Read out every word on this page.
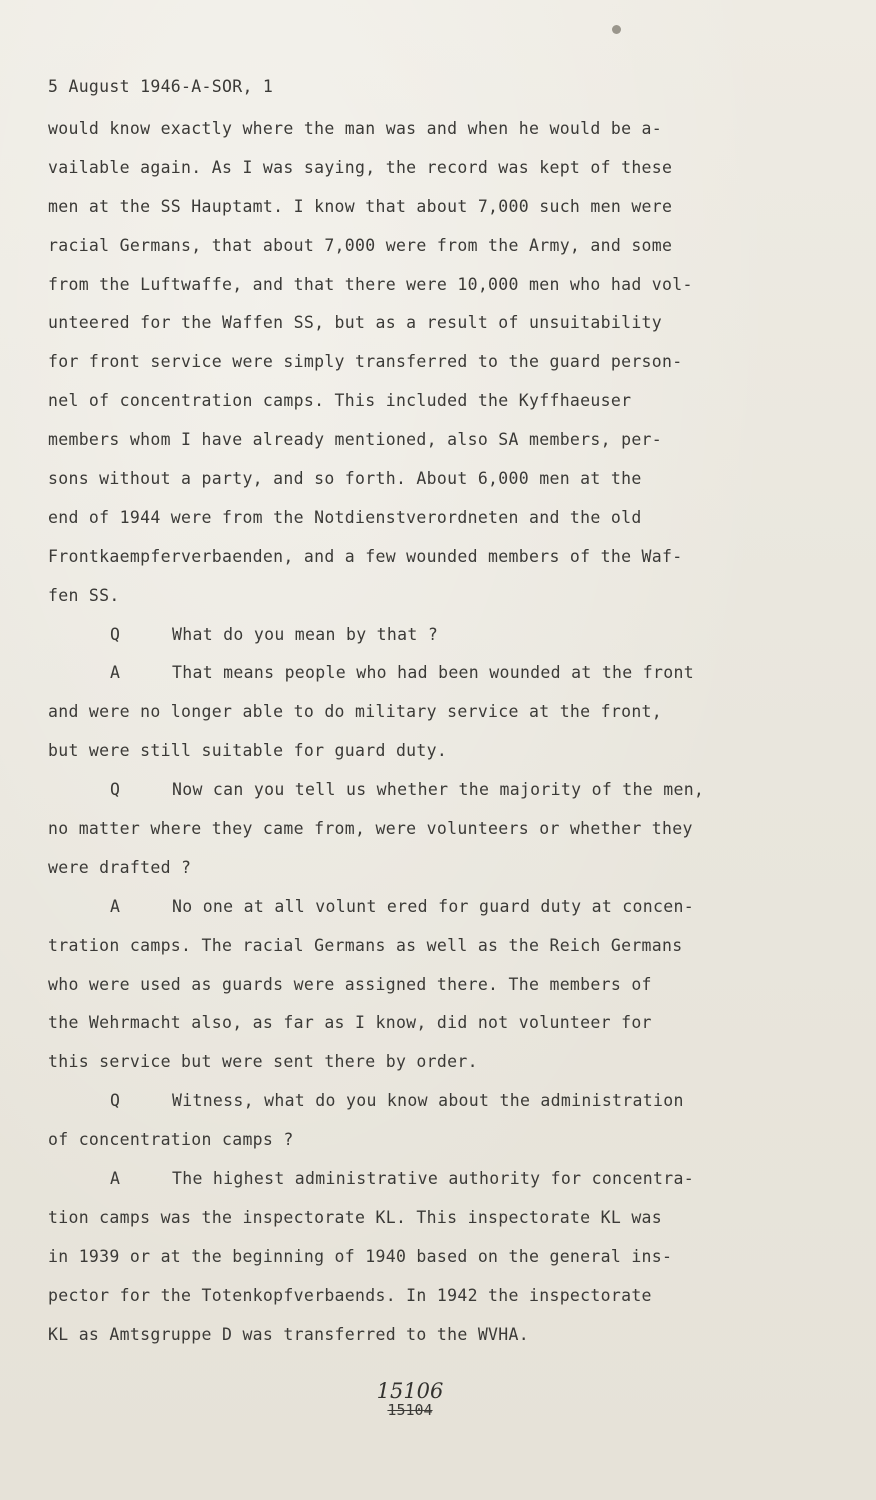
5 August 1946-A-SOR, 1
would know exactly where the man was and when he would be a-
vailable again. As I was saying, the record was kept of these
men at the SS Hauptamt. I know that about 7,000 such men were
racial Germans, that about 7,000 were from the Army, and some
from the Luftwaffe, and that there were 10,000 men who had vol-
unteered for the Waffen SS, but as a result of unsuitability
for front service were simply transferred to the guard person-
nel of concentration camps. This included the Kyffhaeuser
members whom I have already mentioned, also SA members, per-
sons without a party, and so forth. About 6,000 men at the
end of 1944 were from the Notdienstverordneten and the old
Frontkaempferverbaenden, and a few wounded members of the Waf-
fen SS.
Q	What do you mean by that ?
A	That means people who had been wounded at the front
and were no longer able to do military service at the front,
but were still suitable for guard duty.
Q	Now can you tell us whether the majority of the men,
no matter where they came from, were volunteers or whether they
were drafted ?
A	No one at all volunt ered for guard duty at concen-
tration camps. The racial Germans as well as the Reich Germans
who were used as guards were assigned there. The members of
the Wehrmacht also, as far as I know, did not volunteer for
this service but were sent there by order.
Q	Witness, what do you know about the administration
of concentration camps ?
A	The highest administrative authority for concentra-
tion camps was the inspectorate KL. This inspectorate KL was
in 1939 or at the beginning of 1940 based on the general ins-
pector for the Totenkopfverbaends. In 1942 the inspectorate
KL as Amtsgruppe D was transferred to the WVHA.
15106
15104
